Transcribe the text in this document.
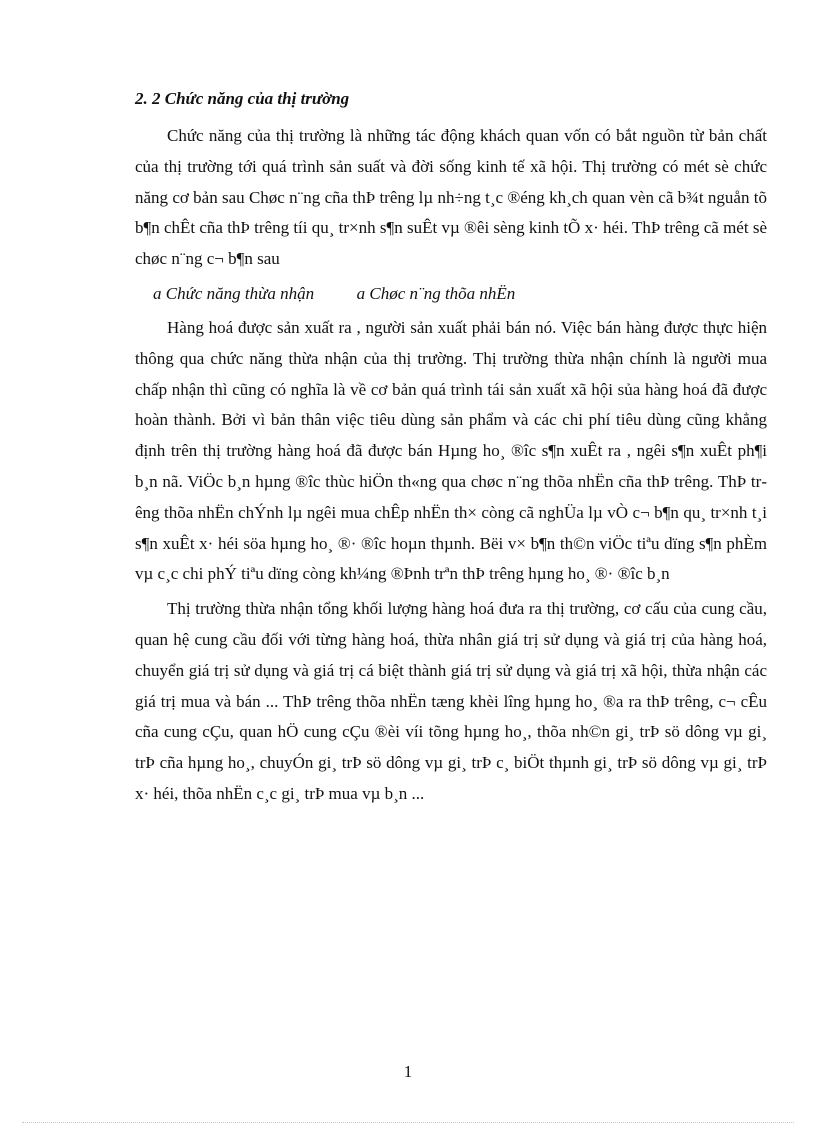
2. 2 Chức năng của thị trường

Chức năng của thị trường là những tác động khách quan vốn có bắt nguồn từ bản chất của thị trường tới quá trình sản suất và đời sống kinh tế xã hội. Thị trường có mét sè chức năng cơ bản sau Chøc n¨ng cña thÞ trêng lµ nh÷ng t¸c ®éng kh¸ch quan vèn cã b¾t nguån tõ b¶n chÊt cña thÞ trêng tíi qu¸ tr×nh s¶n suÊt vµ ®êi sèng kinh tÕ x· héi. ThÞ trêng cã mét sè chøc n¨ng c¬ b¶n sau

a Chức năng thừa nhận          a Chøc n¨ng thõa nhËn

Hàng hoá được sản xuất ra , người sản xuất phải bán nó. Việc bán hàng được thực hiện thông qua chức năng thừa nhận của thị trường. Thị trường thừa nhận chính là người mua chấp nhận thì cũng có nghĩa là về cơ bản quá trình tái sản xuất xã hội sủa hàng hoá đã được hoàn thành. Bởi vì bản thân việc tiêu dùng sản phẩm và các chi phí tiêu dùng cũng khẳng định trên thị trường hàng hoá đã được bán Hµng ho¸ ®îc s¶n xuÊt ra , ngêi s¶n xuÊt ph¶i b¸n nã. ViÖc b¸n hµng ®îc thùc hiÖn th«ng qua chøc n¨ng thõa nhËn cña thÞ trêng. ThÞ trêng thõa nhËn chÝnh lµ ngêi mua chÊp nhËn th× còng cã nghÜa lµ vÒ c¬ b¶n qu¸ tr×nh t¸i s¶n xuÊt x· héi söa hµng ho¸ ®· ®îc hoµn thµnh. Bëi v× b¶n th©n viÖc tiªu dïng s¶n phÈm vµ c¸c chi phÝ tiªu dïng còng kh¼ng ®Þnh trªn thÞ trêng hµng ho¸ ®· ®îc b¸n

Thị trường thừa nhận tổng khối lượng hàng hoá đưa ra thị trường, cơ cấu của cung cầu, quan hệ cung cầu đối với từng hàng hoá, thừa nhân giá trị sử dụng và giá trị của hàng hoá, chuyển giá trị sử dụng và giá trị cá biệt thành giá trị sử dụng và giá trị xã hội, thừa nhận các giá trị mua và bán ... ThÞ trêng thõa nhËn tæng khèi lîng hµng ho¸ ®a ra thÞ trêng, c¬ cÊu cña cung cÇu, quan hÖ cung cÇu ®èi víi tõng hµng ho¸, thõa nh©n gi¸ trÞ sö dông vµ gi¸ trÞ cña hµng ho¸, chuyÓn gi¸ trÞ sö dông vµ gi¸ trÞ c¸ biÖt thµnh gi¸ trÞ sö dông vµ gi¸ trÞ x· héi, thõa nhËn c¸c gi¸ trÞ mua vµ b¸n ...

1
